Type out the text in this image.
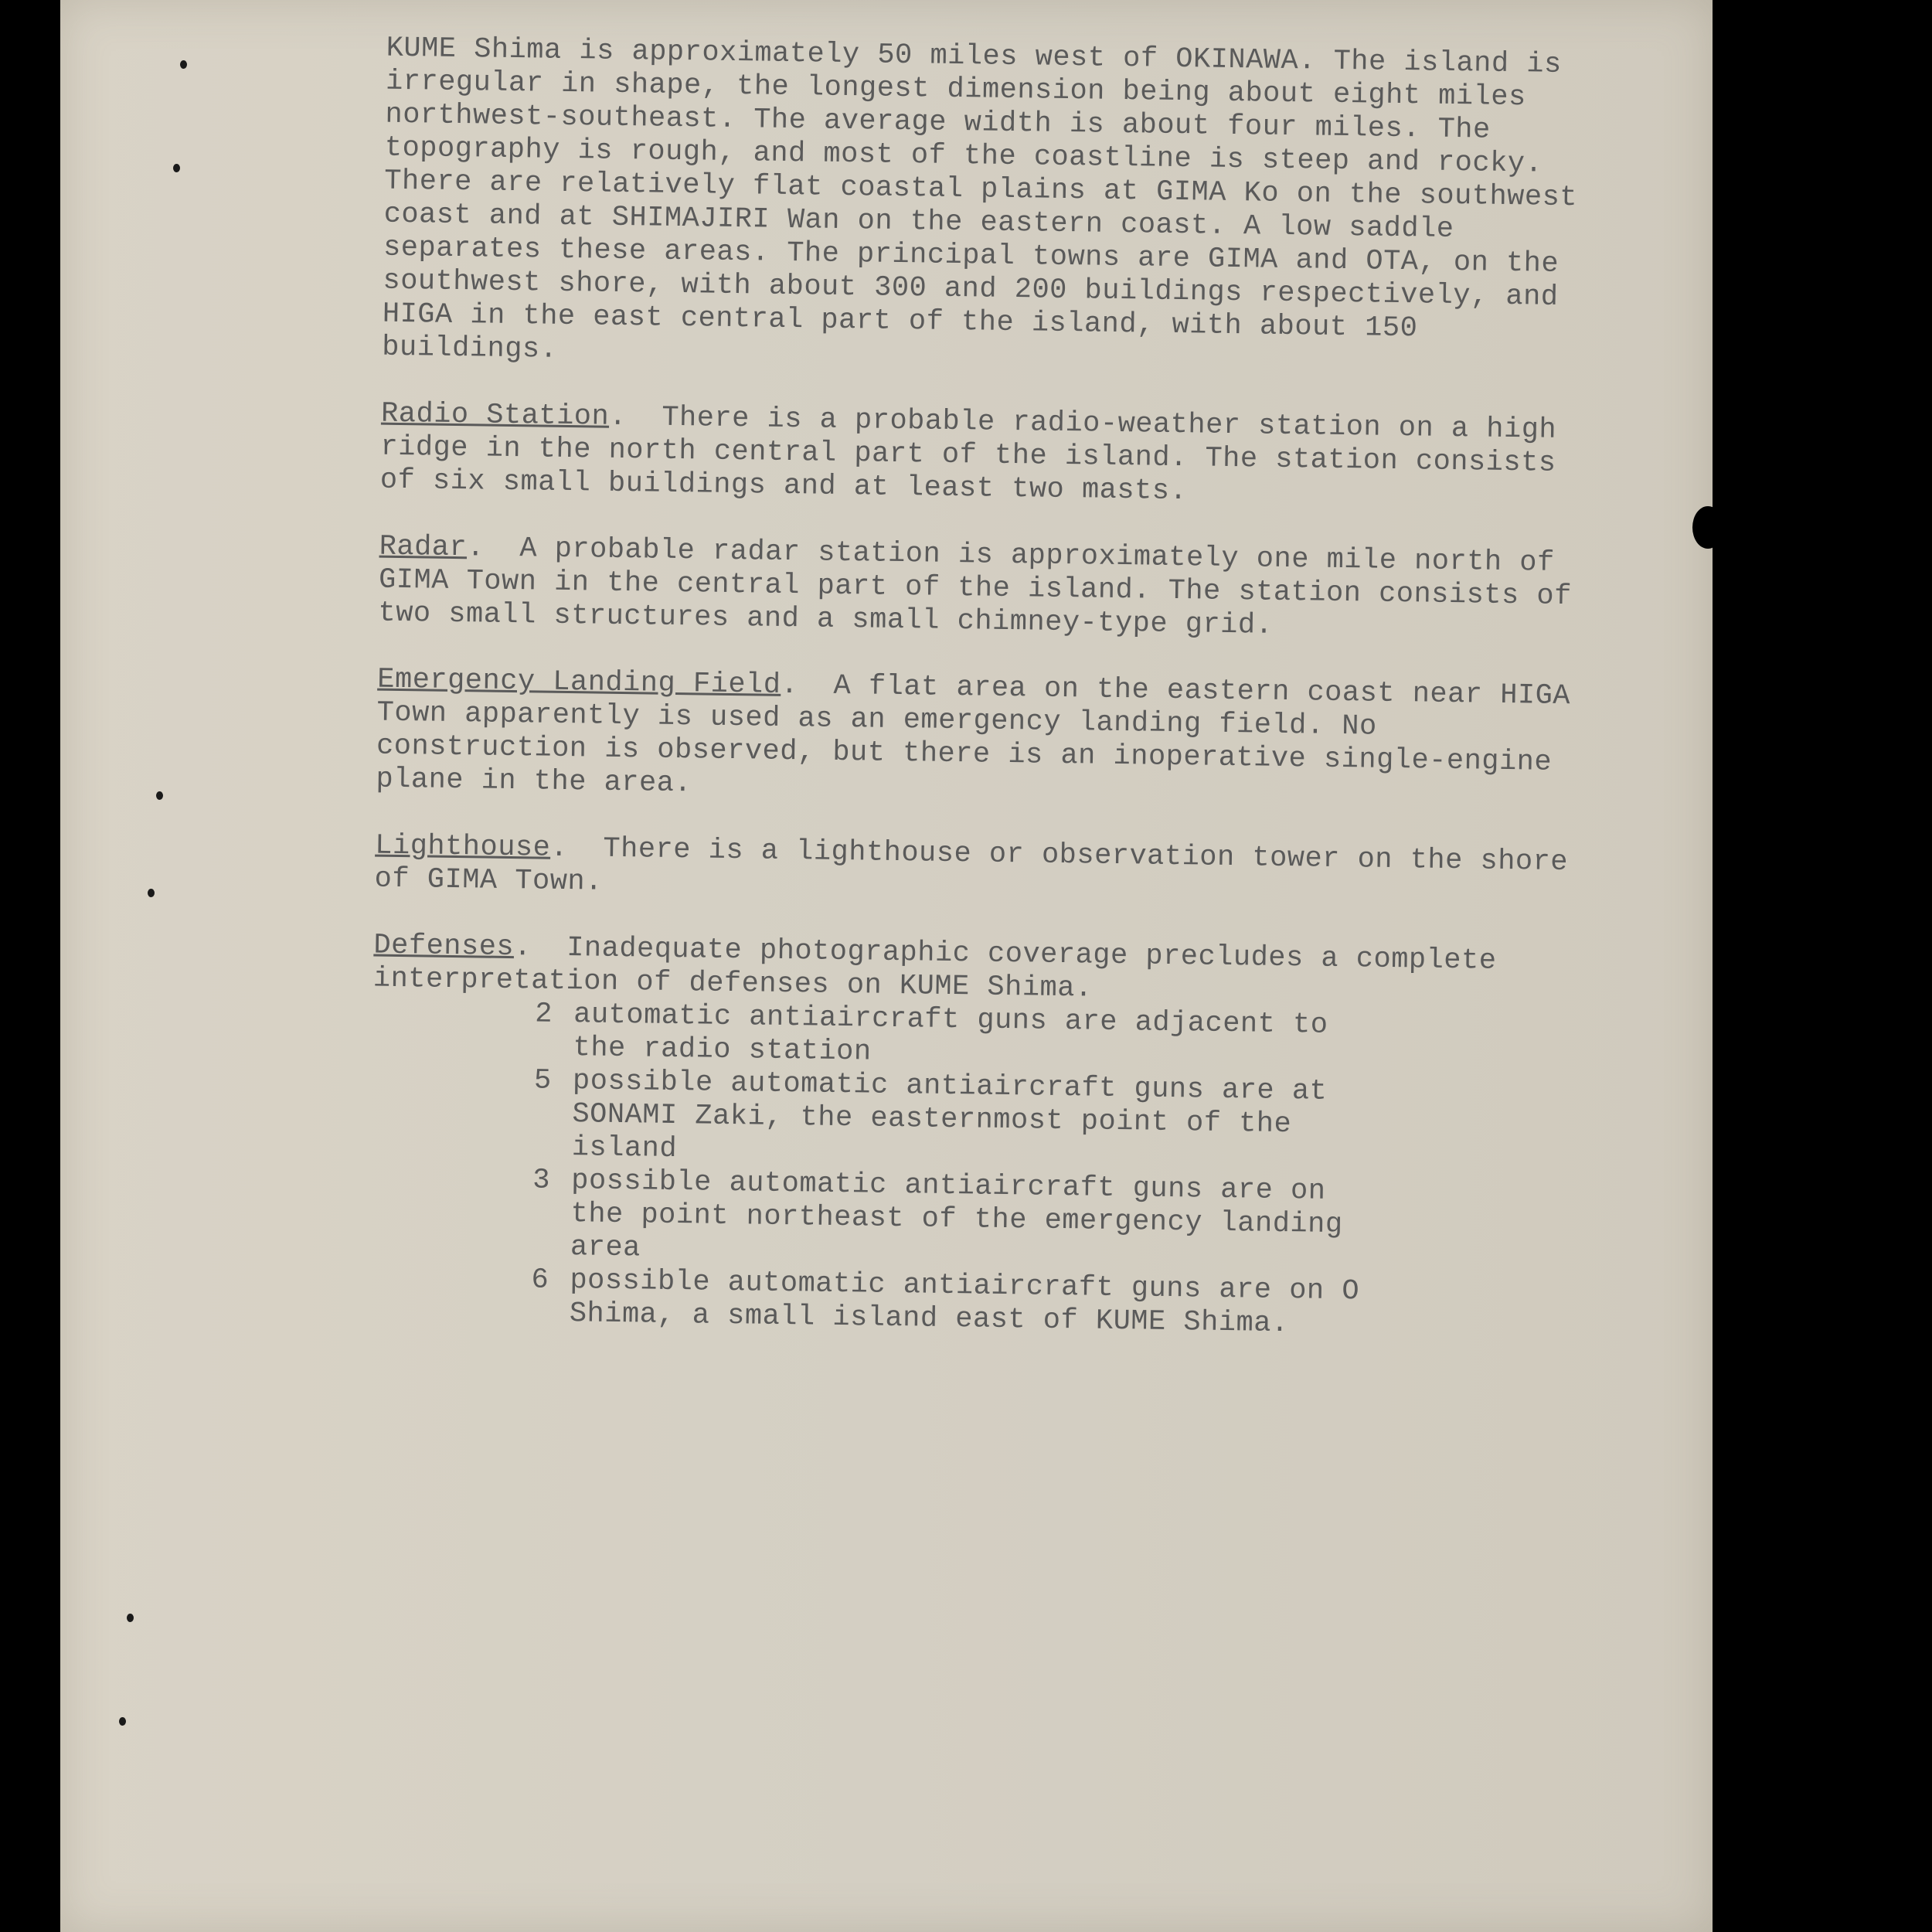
KUME Shima is approximately 50 miles west of OKINAWA. The island is irregular in shape, the longest dimension being about eight miles northwest-southeast. The average width is about four miles. The topography is rough, and most of the coastline is steep and rocky. There are relatively flat coastal plains at GIMA Ko on the southwest coast and at SHIMAJIRI Wan on the eastern coast. A low saddle separates these areas. The principal towns are GIMA and OTA, on the southwest shore, with about 300 and 200 buildings respectively, and HIGA in the east central part of the island, with about 150 buildings.

Radio Station.  There is a probable radio-weather station on a high ridge in the north central part of the island. The station consists of six small buildings and at least two masts.

Radar.  A probable radar station is approximately one mile north of GIMA Town in the central part of the island. The station consists of two small structures and a small chimney-type grid.

Emergency Landing Field.  A flat area on the eastern coast near HIGA Town apparently is used as an emergency landing field. No construction is observed, but there is an inoperative single-engine plane in the area.

Lighthouse.  There is a lighthouse or observation tower on the shore of GIMA Town.

Defenses.  Inadequate photographic coverage precludes a complete interpretation of defenses on KUME Shima.

2 automatic antiaircraft guns are adjacent to the radio station
5 possible automatic antiaircraft guns are at SONAMI Zaki, the easternmost point of the island
3 possible automatic antiaircraft guns are on the point northeast of the emergency landing area
6 possible automatic antiaircraft guns are on O Shima, a small island east of KUME Shima.
